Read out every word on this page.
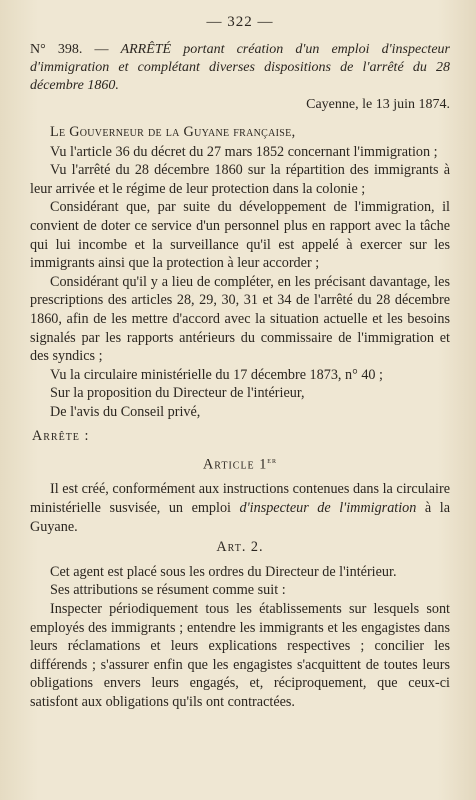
— 322 —

N° 398. — ARRÊTÉ portant création d'un emploi d'inspecteur d'immigration et complétant diverses dispositions de l'arrêté du 28 décembre 1860.

Cayenne, le 13 juin 1874.

Le Gouverneur de la Guyane française,

Vu l'article 36 du décret du 27 mars 1852 concernant l'immigration ;

Vu l'arrêté du 28 décembre 1860 sur la répartition des immigrants à leur arrivée et le régime de leur protection dans la colonie ;

Considérant que, par suite du développement de l'immigration, il convient de doter ce service d'un personnel plus en rapport avec la tâche qui lui incombe et la surveillance qu'il est appelé à exercer sur les immigrants ainsi que la protection à leur accorder ;

Considérant qu'il y a lieu de compléter, en les précisant davantage, les prescriptions des articles 28, 29, 30, 31 et 34 de l'arrêté du 28 décembre 1860, afin de les mettre d'accord avec la situation actuelle et les besoins signalés par les rapports antérieurs du commissaire de l'immigration et des syndics ;

Vu la circulaire ministérielle du 17 décembre 1873, n° 40 ;

Sur la proposition du Directeur de l'intérieur,

De l'avis du Conseil privé,

Arrête :

Article 1er

Il est créé, conformément aux instructions contenues dans la circulaire ministérielle susvisée, un emploi d'inspecteur de l'immigration à la Guyane.

Art. 2.

Cet agent est placé sous les ordres du Directeur de l'intérieur.

Ses attributions se résument comme suit :

Inspecter périodiquement tous les établissements sur lesquels sont employés des immigrants ; entendre les immigrants et les engagistes dans leurs réclamations et leurs explications respectives ; concilier les différends ; s'assurer enfin que les engagistes s'acquittent de toutes leurs obligations envers leurs engagés, et, réciproquement, que ceux-ci satisfont aux obligations qu'ils ont contractées.
